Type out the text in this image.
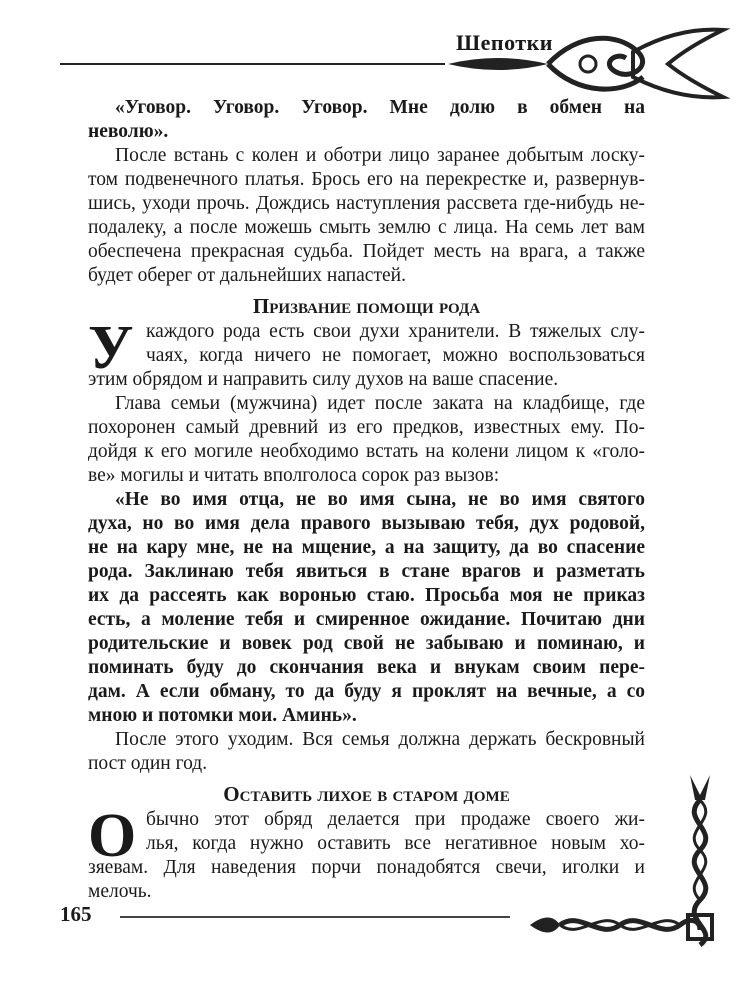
Шепотки
«Уговор. Уговор. Уговор. Мне долю в обмен на
неволю».
После встань с колен и оботри лицо заранее добытым лоску-
том подвенечного платья. Брось его на перекрестке и, развернув-
шись, уходи прочь. Дождись наступления рассвета где-нибудь не-
подалеку, а после можешь смыть землю с лица. На семь лет вам
обеспечена прекрасная судьба. Пойдет месть на врага, а также
будет оберег от дальнейших напастей.
Призвание помощи рода
У каждого рода есть свои духи хранители. В тяжелых слу-
чаях, когда ничего не помогает, можно воспользоваться
этим обрядом и направить силу духов на ваше спасение.
Глава семьи (мужчина) идет после заката на кладбище, где
похоронен самый древний из его предков, известных ему. По-
дойдя к его могиле необходимо встать на колени лицом к «голо-
ве» могилы и читать вполголоса сорок раз вызов:
«Не во имя отца, не во имя сына, не во имя святого
духа, но во имя дела правого вызываю тебя, дух родовой,
не на кару мне, не на мщение, а на защиту, да во спасение
рода. Заклинаю тебя явиться в стане врагов и разметать
их да рассеять как воронью стаю. Просьба моя не приказ
есть, а моление тебя и смиренное ожидание. Почитаю дни
родительские и вовек род свой не забываю и поминаю, и
поминать буду до скончания века и внукам своим пере-
дам. А если обману, то да буду я проклят на вечные, а со
мною и потомки мои. Аминь».
После этого уходим. Вся семья должна держать бескровный
пост один год.
Оставить лихое в старом доме
О бычно этот обряд делается при продаже своего жи-
лья, когда нужно оставить все негативное новым хо-
зяевам. Для наведения порчи понадобятся свечи, иголки и
мелочь.
165
